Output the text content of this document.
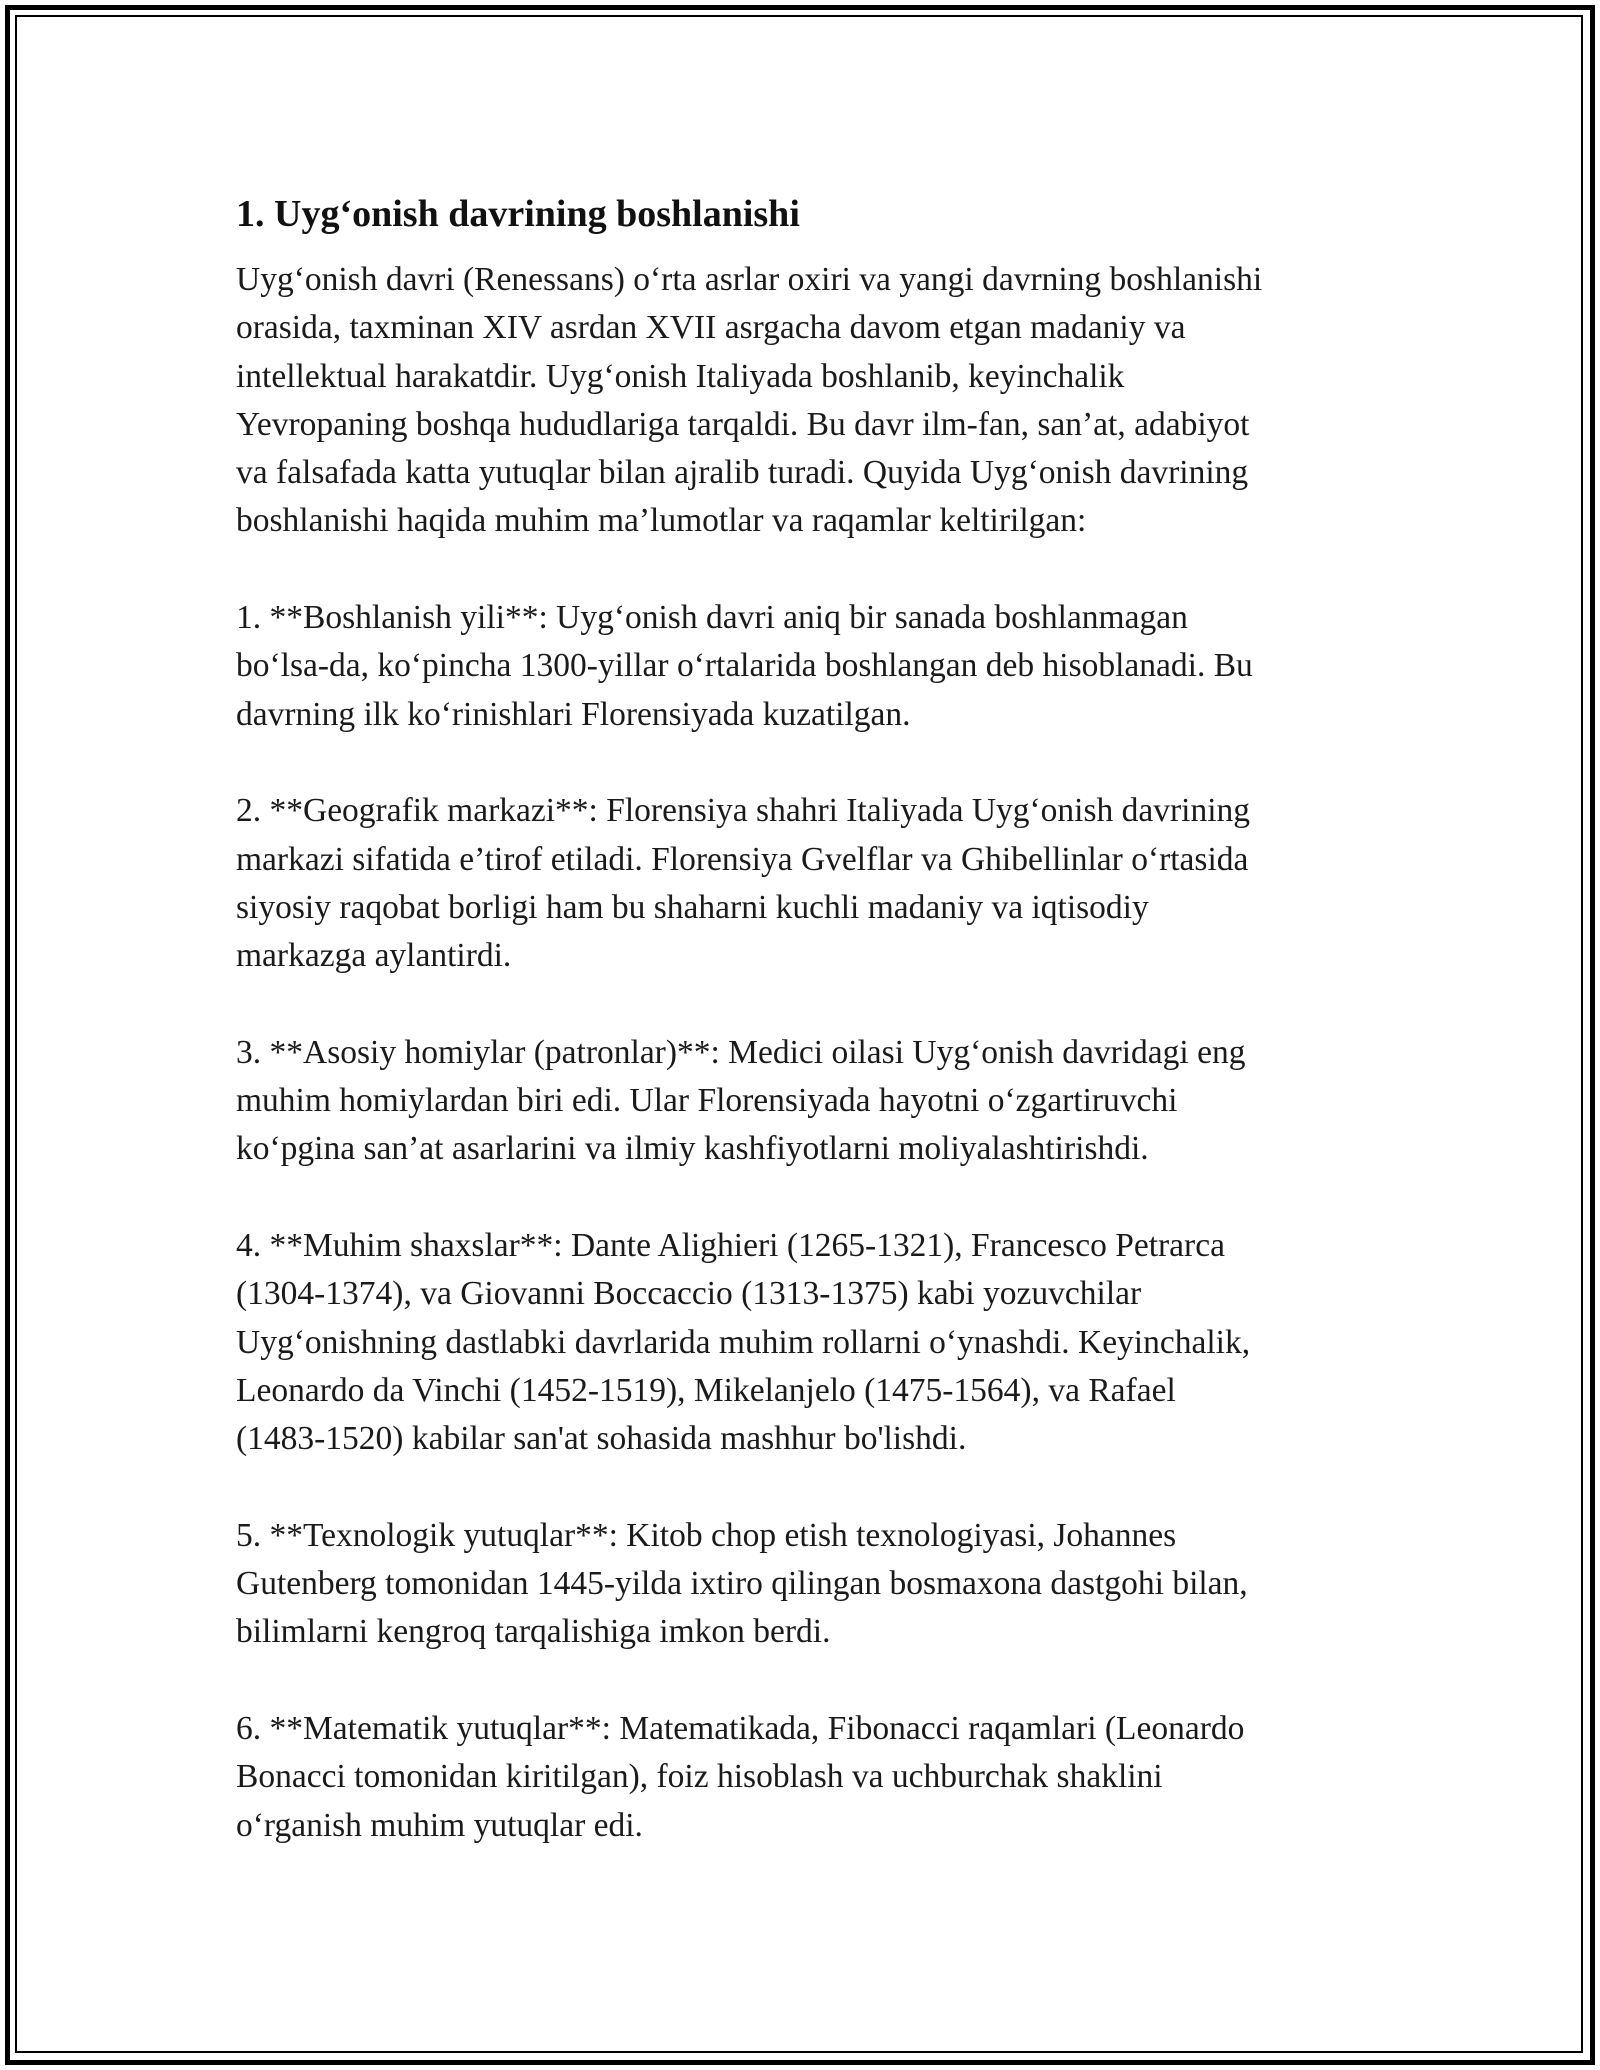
1. Uyg‘onish davrining boshlanishi

Uyg‘onish davri (Renessans) o‘rta asrlar oxiri va yangi davrning boshlanishi
orasida, taxminan XIV asrdan XVII asrgacha davom etgan madaniy va
intellektual harakatdir. Uyg‘onish Italiyada boshlanib, keyinchalik
Yevropaning boshqa hududlariga tarqaldi. Bu davr ilm-fan, san’at, adabiyot
va falsafada katta yutuqlar bilan ajralib turadi. Quyida Uyg‘onish davrining
boshlanishi haqida muhim ma’lumotlar va raqamlar keltirilgan:

1. **Boshlanish yili**: Uyg‘onish davri aniq bir sanada boshlanmagan
bo‘lsa-da, ko‘pincha 1300-yillar o‘rtalarida boshlangan deb hisoblanadi. Bu
davrning ilk ko‘rinishlari Florensiyada kuzatilgan.

2. **Geografik markazi**: Florensiya shahri Italiyada Uyg‘onish davrining
markazi sifatida e’tirof etiladi. Florensiya Gvelflar va Ghibellinlar o‘rtasida
siyosiy raqobat borligi ham bu shaharni kuchli madaniy va iqtisodiy
markazga aylantirdi.

3. **Asosiy homiylar (patronlar)**: Medici oilasi Uyg‘onish davridagi eng
muhim homiylardan biri edi. Ular Florensiyada hayotni o‘zgartiruvchi
ko‘pgina san’at asarlarini va ilmiy kashfiyotlarni moliyalashtirishdi.

4. **Muhim shaxslar**: Dante Alighieri (1265-1321), Francesco Petrarca
(1304-1374), va Giovanni Boccaccio (1313-1375) kabi yozuvchilar
Uyg‘onishning dastlabki davrlarida muhim rollarni o‘ynashdi. Keyinchalik,
Leonardo da Vinchi (1452-1519), Mikelanjelo (1475-1564), va Rafael
(1483-1520) kabilar san'at sohasida mashhur bo'lishdi.

5. **Texnologik yutuqlar**: Kitob chop etish texnologiyasi, Johannes
Gutenberg tomonidan 1445-yilda ixtiro qilingan bosmaxona dastgohi bilan,
bilimlarni kengroq tarqalishiga imkon berdi.

6. **Matematik yutuqlar**: Matematikada, Fibonacci raqamlari (Leonardo
Bonacci tomonidan kiritilgan), foiz hisoblash va uchburchak shaklini
o‘rganish muhim yutuqlar edi.
